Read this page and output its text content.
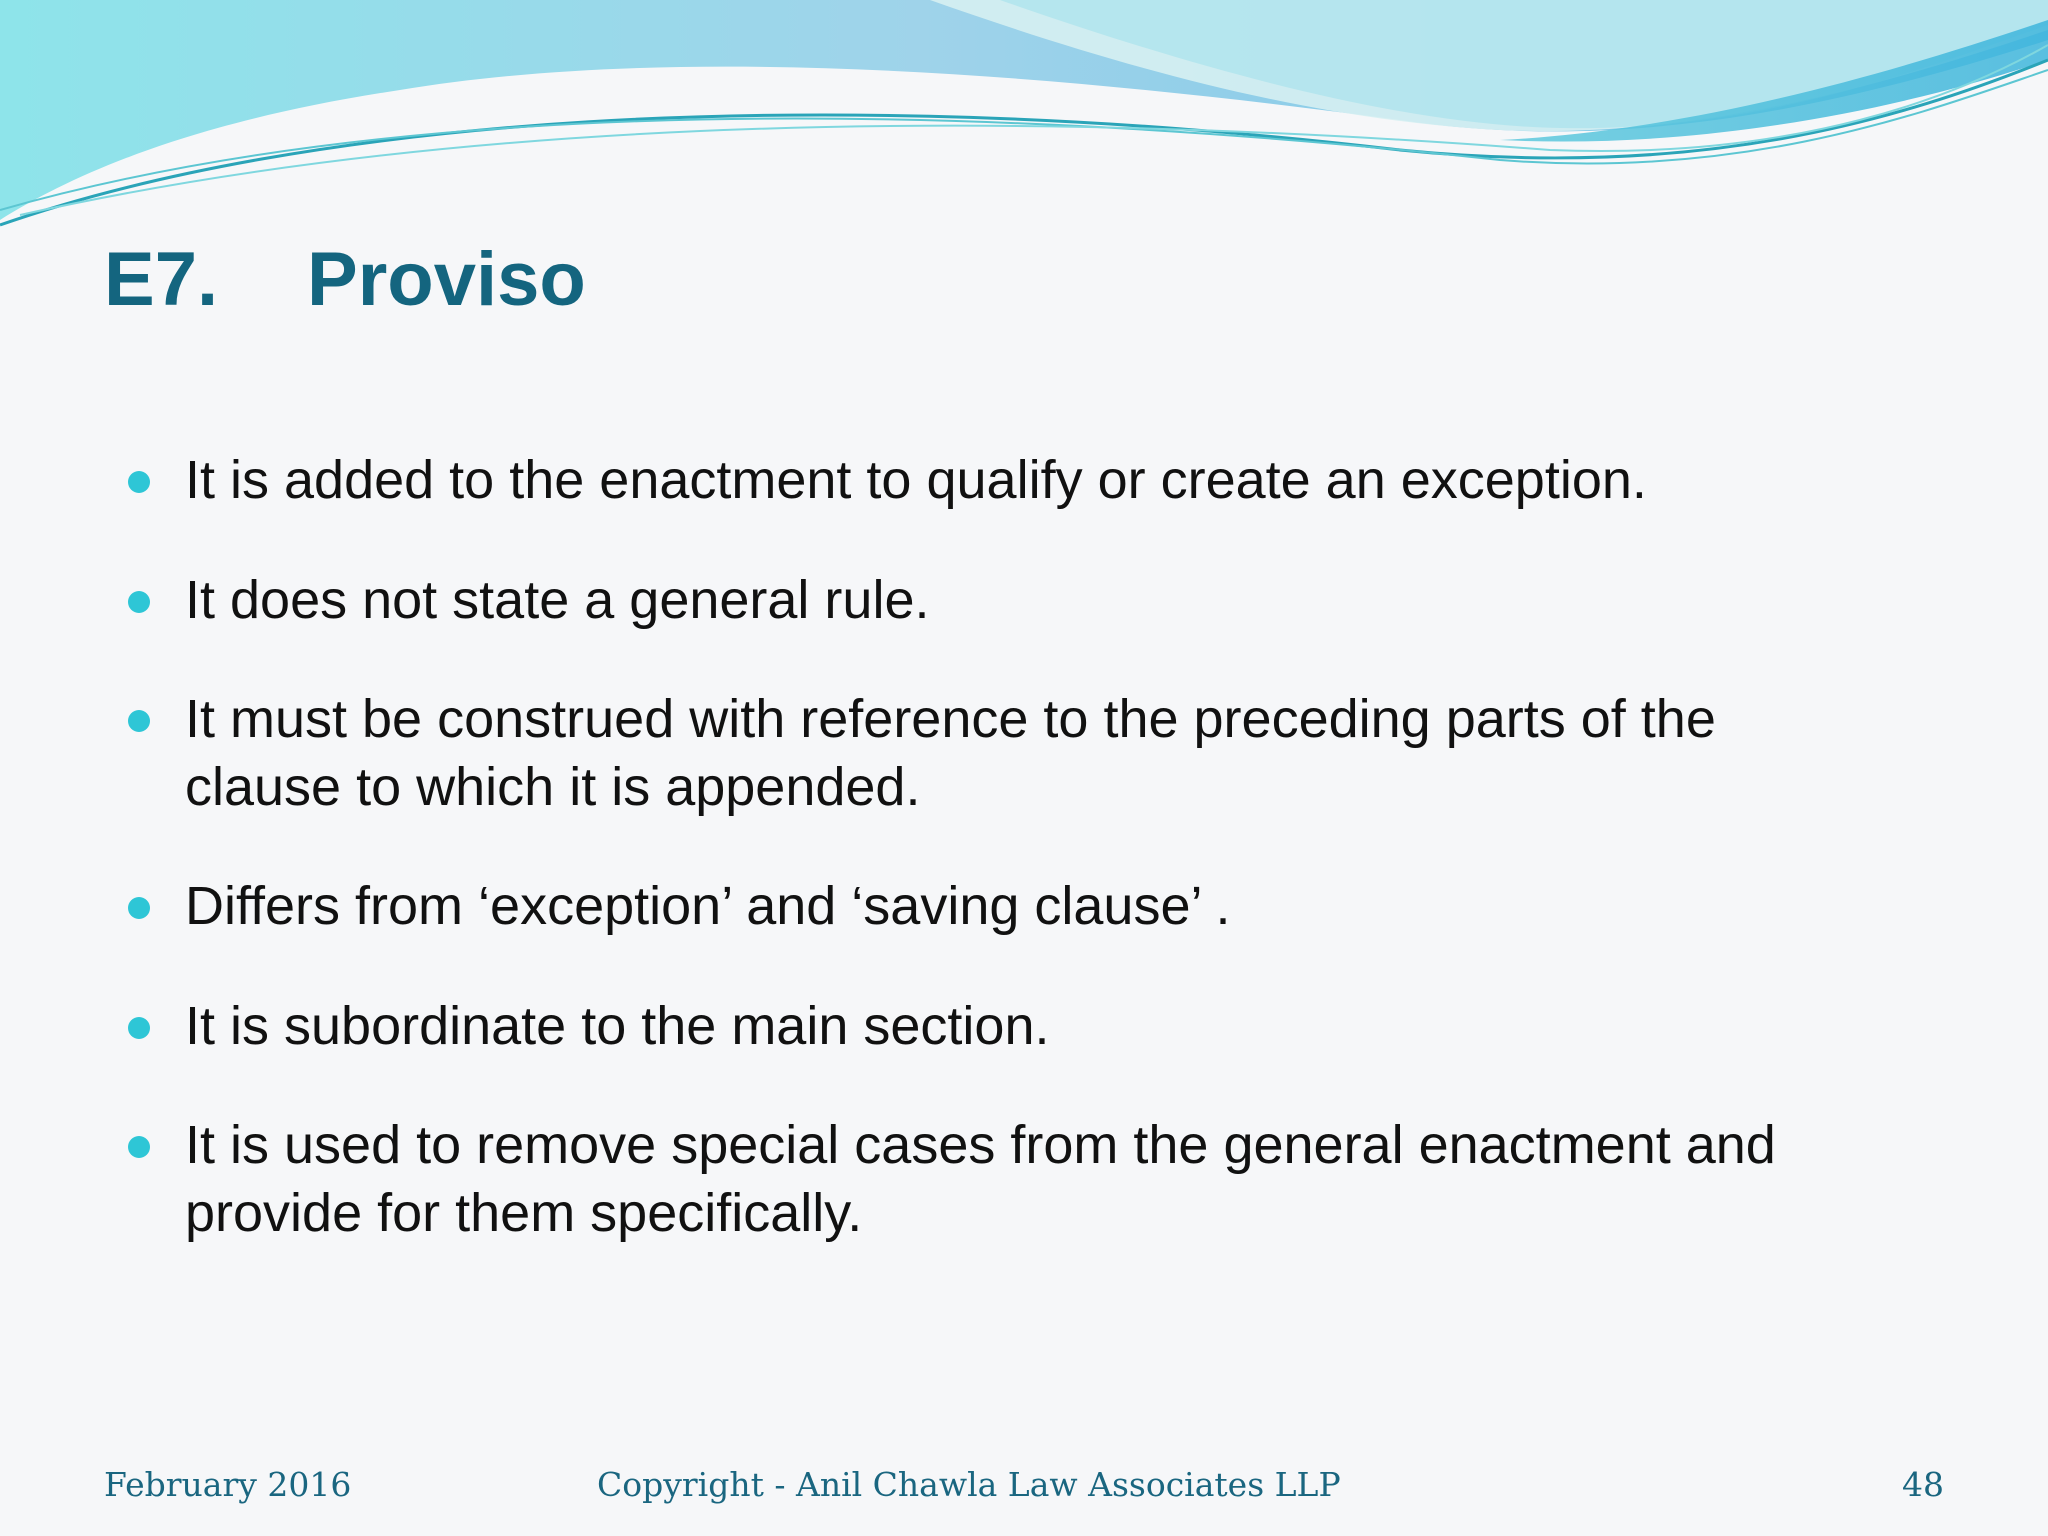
E7. Proviso
It is added to the enactment to qualify or create an exception.
It does not state a general rule.
It must be construed with reference to the preceding parts of the clause to which it is appended.
Differs from ‘exception’ and ‘saving clause’ .
It is subordinate to the main section.
It is used to remove special cases from the general enactment and provide for them specifically.
February 2016	Copyright - Anil Chawla Law Associates LLP	48
